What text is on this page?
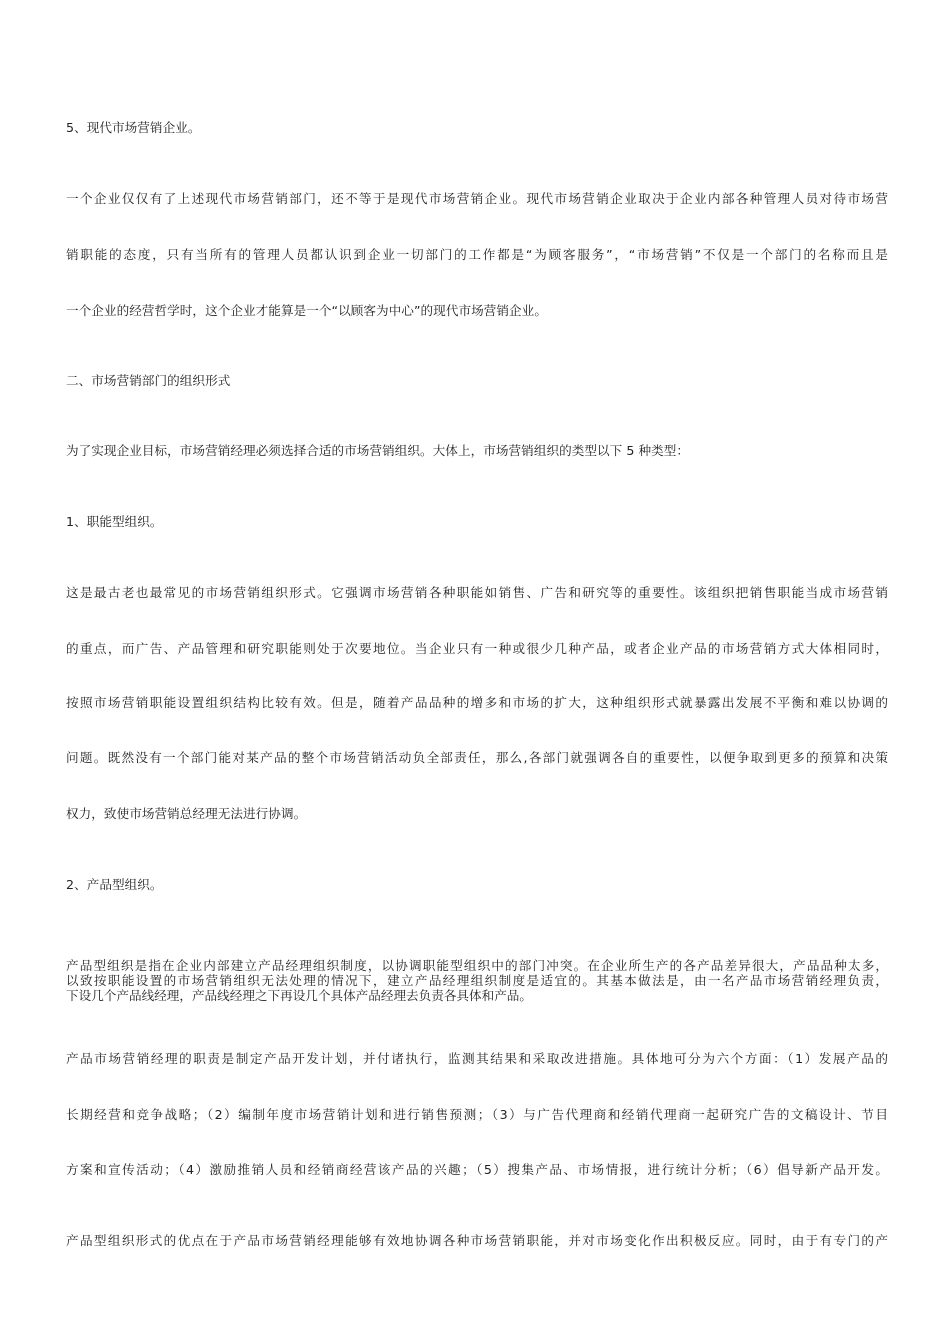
5、现代市场营销企业。
一个企业仅仅有了上述现代市场营销部门，还不等于是现代市场营销企业。现代市场营销企业取决于企业内部各种管理人员对待市场营
销职能的态度，只有当所有的管理人员都认识到企业一切部门的工作都是“为顾客服务”，“市场营销”不仅是一个部门的名称而且是
一个企业的经营哲学时，这个企业才能算是一个“以顾客为中心”的现代市场营销企业。
二、市场营销部门的组织形式
为了实现企业目标，市场营销经理必须选择合适的市场营销组织。大体上，市场营销组织的类型以下 5 种类型：
1、职能型组织。
这是最古老也最常见的市场营销组织形式。它强调市场营销各种职能如销售、广告和研究等的重要性。该组织把销售职能当成市场营销
的重点，而广告、产品管理和研究职能则处于次要地位。当企业只有一种或很少几种产品，或者企业产品的市场营销方式大体相同时，
按照市场营销职能设置组织结构比较有效。但是，随着产品品种的增多和市场的扩大，这种组织形式就暴露出发展不平衡和难以协调的
问题。既然没有一个部门能对某产品的整个市场营销活动负全部责任，那么,各部门就强调各自的重要性，以便争取到更多的预算和决策
权力，致使市场营销总经理无法进行协调。
2、产品型组织。
产品型组织是指在企业内部建立产品经理组织制度，以协调职能型组织中的部门冲突。在企业所生产的各产品差异很大，产品品种太多，
以致按职能设置的市场营销组织无法处理的情况下，建立产品经理组织制度是适宜的。其基本做法是，由一名产品市场营销经理负责，
下设几个产品线经理，产品线经理之下再设几个具体产品经理去负责各具体和产品。
产品市场营销经理的职责是制定产品开发计划，并付诸执行，监测其结果和采取改进措施。具体地可分为六个方面：（1）发展产品的
长期经营和竞争战略；（2）编制年度市场营销计划和进行销售预测；（3）与广告代理商和经销代理商一起研究广告的文稿设计、节目
方案和宣传活动；（4）激励推销人员和经销商经营该产品的兴趣；（5）搜集产品、市场情报，进行统计分析；（6）倡导新产品开发。
产品型组织形式的优点在于产品市场营销经理能够有效地协调各种市场营销职能，并对市场变化作出积极反应。同时，由于有专门的产
